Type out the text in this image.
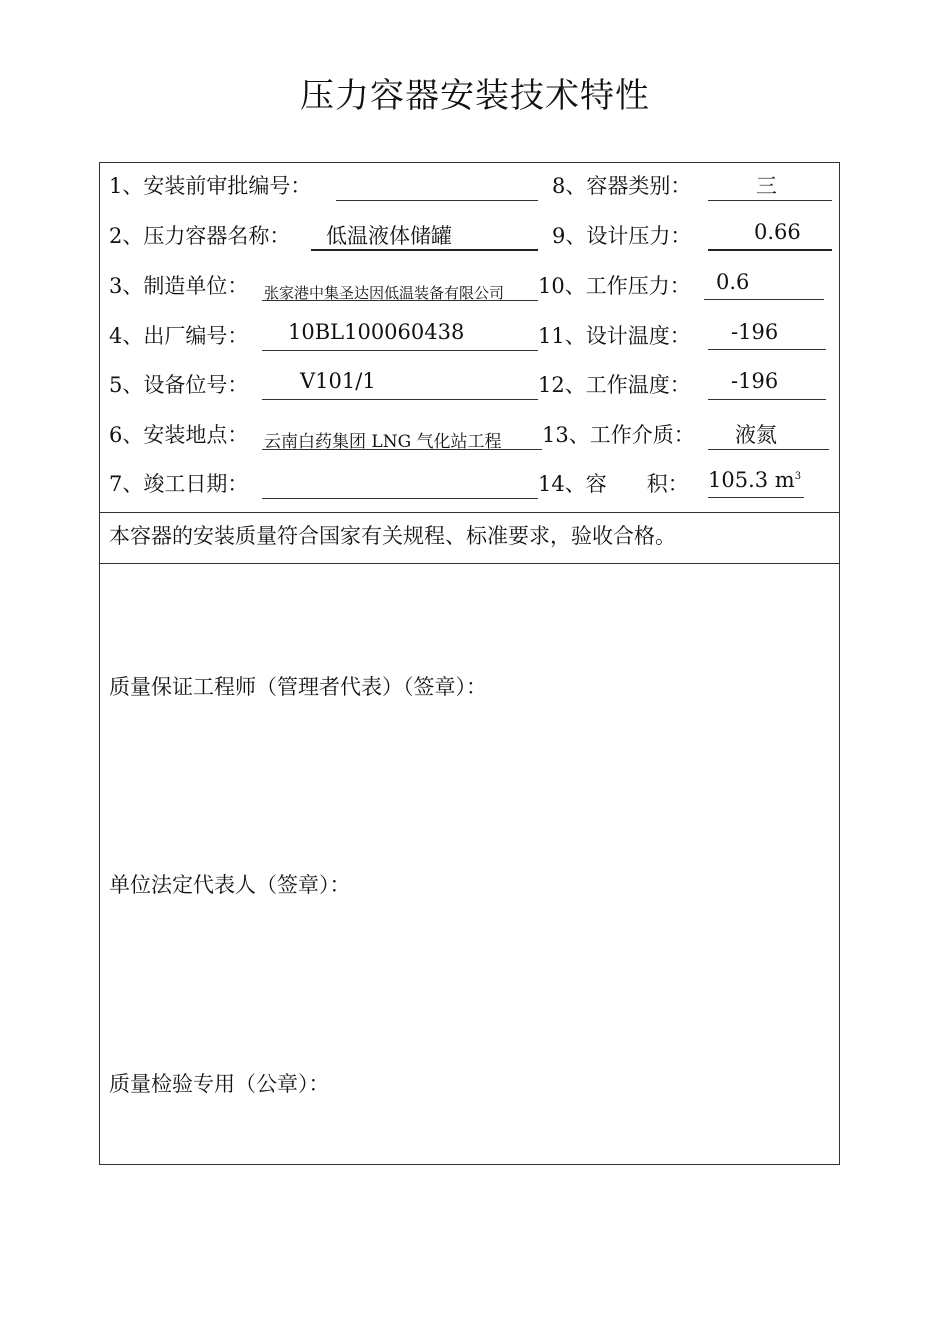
压力容器安装技术特性
1、安装前审批编号：
2、压力容器名称：
3、制造单位：
4、出厂编号：
5、设备位号：
6、安装地点：
7、竣工日期：
低温液体储罐
张家港中集圣达因低温装备有限公司
10BL100060438
V101/1
云南白药集团 LNG 气化站工程
8、容器类别：
9、设计压力：
10、工作压力：
11、设计温度：
12、工作温度：
13、工作介质：
14、容      积：
三
0.66
0.6
-196
-196
液氮
105.3 $m^3$
本容器的安装质量符合国家有关规程、标准要求，验收合格。
质量保证工程师（管理者代表）（签章）：
单位法定代表人（签章）：
质量检验专用（公章）：
